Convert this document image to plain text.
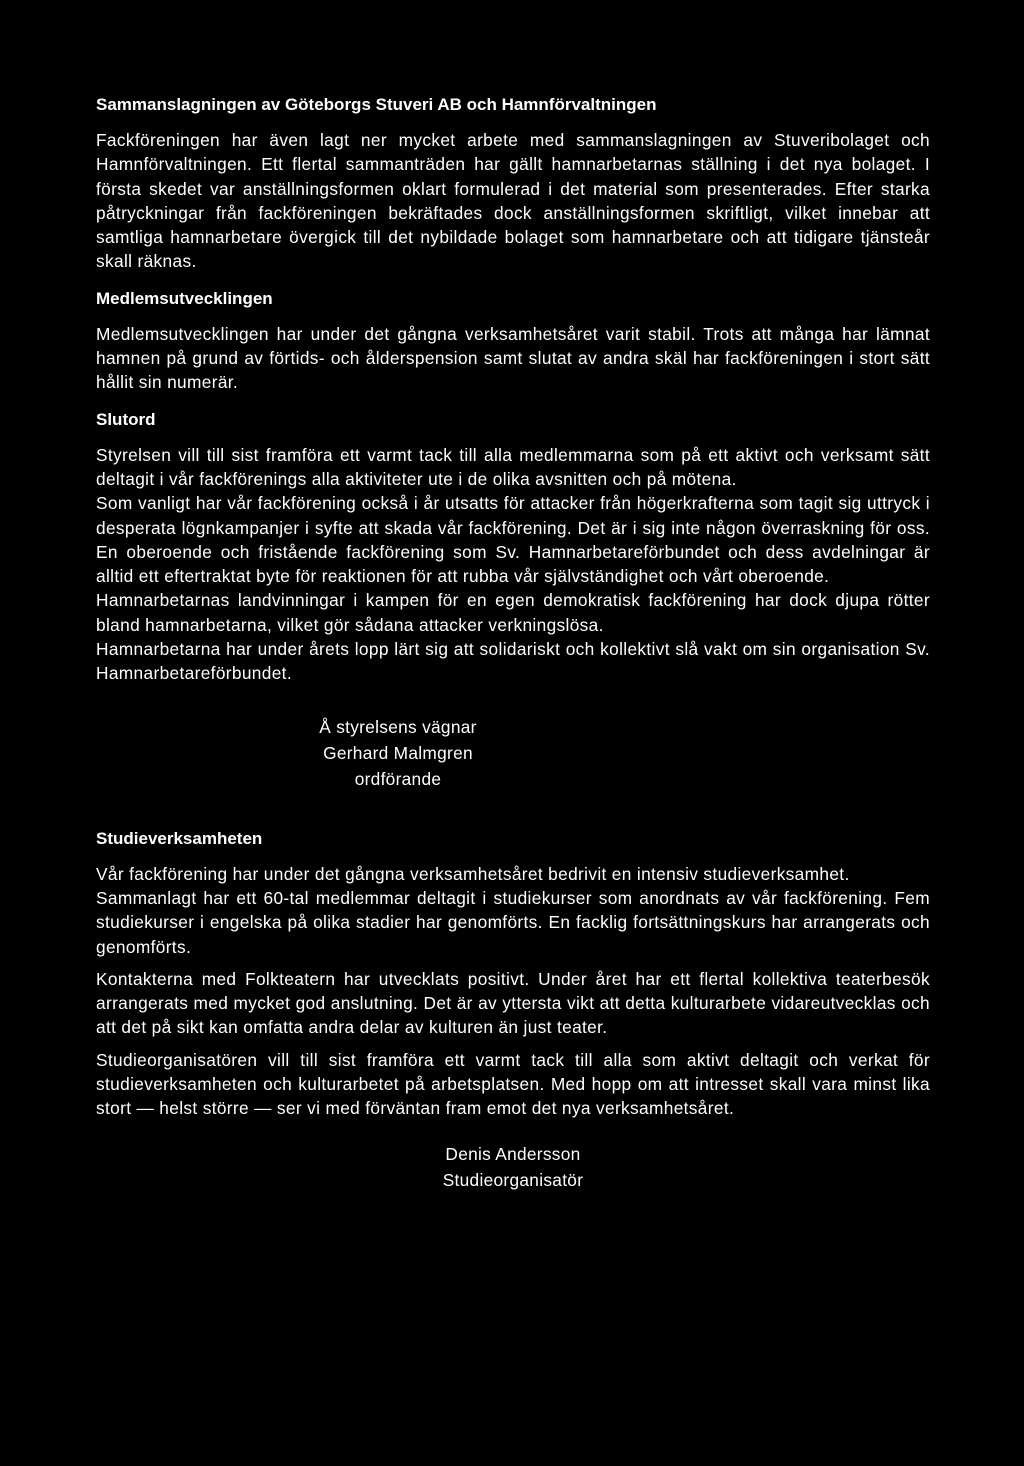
Sammanslagningen av Göteborgs Stuveri AB och Hamnförvaltningen

Fackföreningen har även lagt ner mycket arbete med sammanslagningen av Stuveribolaget och Hamnförvaltningen. Ett flertal sammanträden har gällt hamnarbetarnas ställning i det nya bolaget. I första skedet var anställningsformen oklart formulerad i det material som presenterades. Efter starka påtryckningar från fackföreningen bekräftades dock anställningsformen skriftligt, vilket innebar att samtliga hamnarbetare övergick till det nybildade bolaget som hamnarbetare och att tidigare tjänsteår skall räknas.

Medlemsutvecklingen

Medlemsutvecklingen har under det gångna verksamhetsåret varit stabil. Trots att många har lämnat hamnen på grund av förtids- och ålderspension samt slutat av andra skäl har fackföreningen i stort sätt hållit sin numerär.

Slutord

Styrelsen vill till sist framföra ett varmt tack till alla medlemmarna som på ett aktivt och verksamt sätt deltagit i vår fackförenings alla aktiviteter ute i de olika avsnitten och på mötena.

Som vanligt har vår fackförening också i år utsatts för attacker från högerkrafterna som tagit sig uttryck i desperata lögnkampanjer i syfte att skada vår fackförening. Det är i sig inte någon överraskning för oss. En oberoende och fristående fackförening som Sv. Hamnarbetareförbundet och dess avdelningar är alltid ett eftertraktat byte för reaktionen för att rubba vår självständighet och vårt oberoende.

Hamnarbetarnas landvinningar i kampen för en egen demokratisk fackförening har dock djupa rötter bland hamnarbetarna, vilket gör sådana attacker verkningslösa.

Hamnarbetarna har under årets lopp lärt sig att solidariskt och kollektivt slå vakt om sin organisation Sv. Hamnarbetareförbundet.

Å styrelsens vägnar
Gerhard Malmgren
ordförande
Studieverksamheten

Vår fackförening har under det gångna verksamhetsåret bedrivit en intensiv studieverksamhet.

Sammanlagt har ett 60-tal medlemmar deltagit i studiekurser som anordnats av vår fackförening. Fem studiekurser i engelska på olika stadier har genomförts. En facklig fortsättningskurs har arrangerats och genomförts.

Kontakterna med Folkteatern har utvecklats positivt. Under året har ett flertal kollektiva teaterbesök arrangerats med mycket god anslutning. Det är av yttersta vikt att detta kulturarbete vidareutvecklas och att det på sikt kan omfatta andra delar av kulturen än just teater.

Studieorganisatören vill till sist framföra ett varmt tack till alla som aktivt deltagit och verkat för studieverksamheten och kulturarbetet på arbetsplatsen. Med hopp om att intresset skall vara minst lika stort — helst större — ser vi med förväntan fram emot det nya verksamhetsåret.

Denis Andersson
Studieorganisatör
